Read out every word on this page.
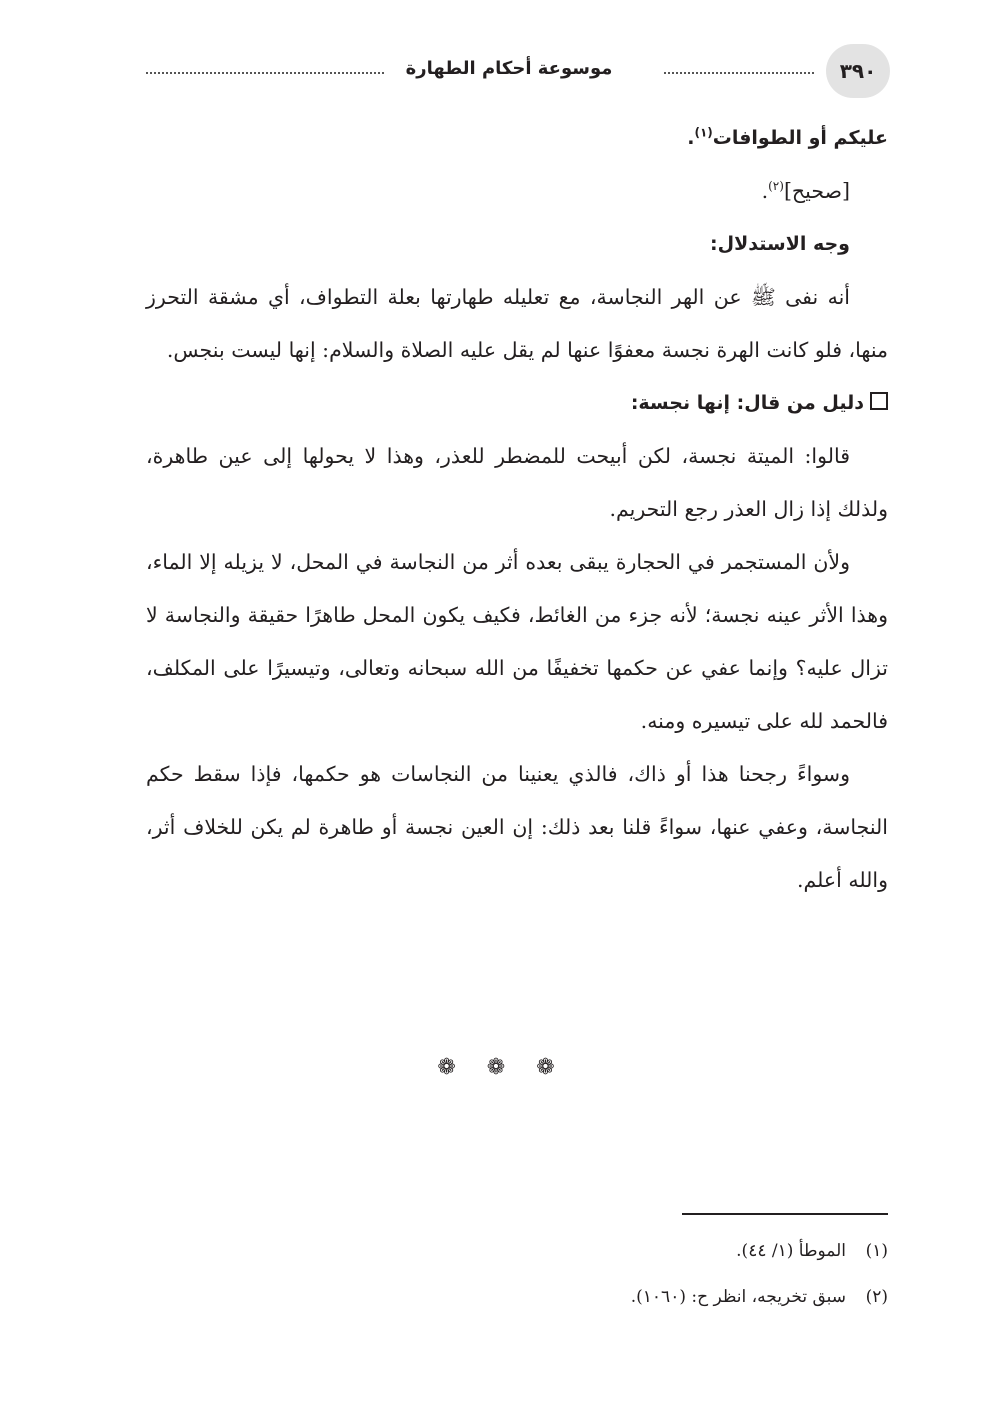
٣٩٠
موسوعة أحكام الطهارة

عليكم أو الطوافات$^{(١)}$.

[صحيح]$^{(٢)}$.

وجه الاستدلال:

أنه نفى ﷺ عن الهر النجاسة، مع تعليله طهارتها بعلة التطواف، أي مشقة التحرز منها، فلو كانت الهرة نجسة معفوًا عنها لم يقل عليه الصلاة والسلام: إنها ليست بنجس.

دليل من قال: إنها نجسة:

قالوا: الميتة نجسة، لكن أبيحت للمضطر للعذر، وهذا لا يحولها إلى عين طاهرة، ولذلك إذا زال العذر رجع التحريم.

ولأن المستجمر في الحجارة يبقى بعده أثر من النجاسة في المحل، لا يزيله إلا الماء، وهذا الأثر عينه نجسة؛ لأنه جزء من الغائط، فكيف يكون المحل طاهرًا حقيقة والنجاسة لا تزال عليه؟ وإنما عفي عن حكمها تخفيفًا من الله سبحانه وتعالى، وتيسيرًا على المكلف، فالحمد لله على تيسيره ومنه.

وسواءً رجحنا هذا أو ذاك، فالذي يعنينا من النجاسات هو حكمها، فإذا سقط حكم النجاسة، وعفي عنها، سواءً قلنا بعد ذلك: إن العين نجسة أو طاهرة لم يكن للخلاف أثر، والله أعلم.

❁ ❁ ❁

(١)الموطأ (١/ ٤٤).

(٢)سبق تخريجه، انظر ح: (١٠٦٠).
